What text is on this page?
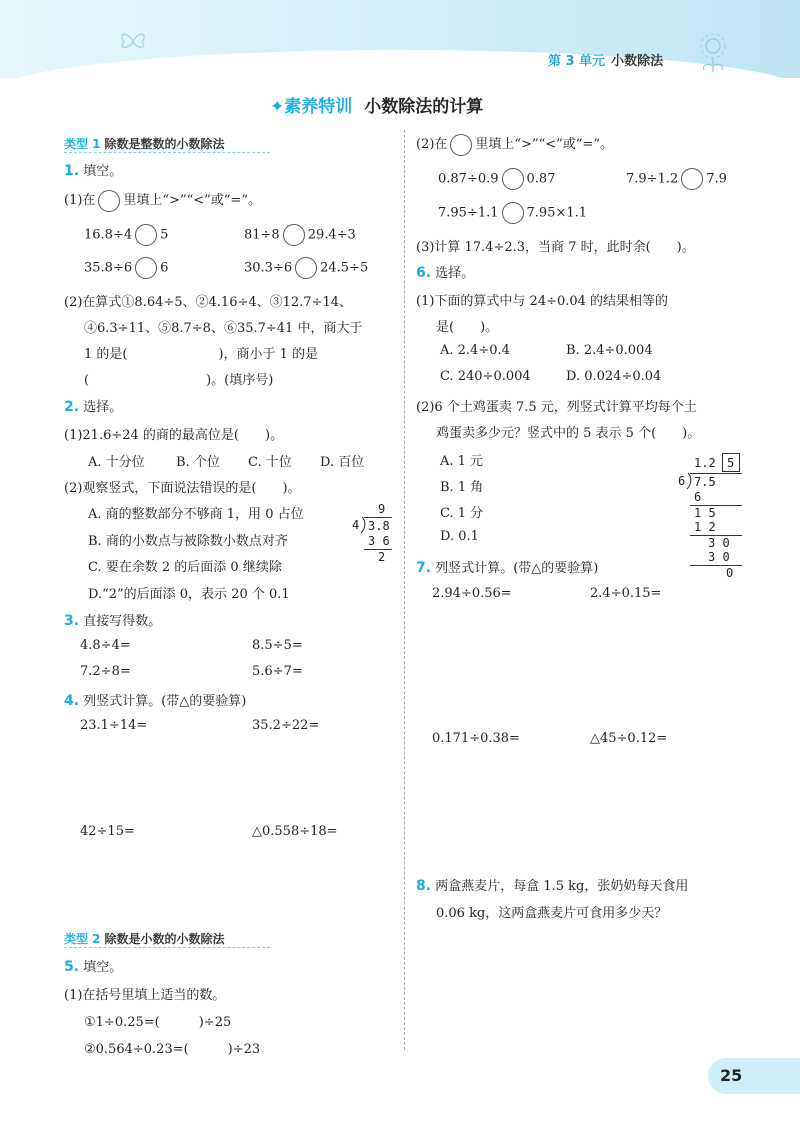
第 3 单元 小数除法
✦素养特训 小数除法的计算
类型 1 除数是整数的小数除法
1. 填空。
(1)在 里填上“>”“<”或“=”。
16.8÷4 5	81÷8 29.4÷3
35.8÷6 6	30.3÷6 24.5÷5
(2)在算式①8.64÷5、②4.16÷4、③12.7÷14、
④6.3÷11、⑤8.7÷8、⑥35.7÷41 中，商大于
1 的是(　　　　　　　)，商小于 1 的是
(　　　　　　　　　)。(填序号)
2. 选择。
(1)21.6÷24 的商的最高位是(　　)。
A. 十分位 B. 个位 C. 十位 D. 百位
(2)观察竖式，下面说法错误的是(　　)。
A. 商的整数部分不够商 1，用 0 占位
B. 商的小数点与被除数小数点对齐
C. 要在余数 2 的后面添 0 继续除
D.“2”的后面添 0，表示 20 个 0.1
9
4 3.8
3 6
2
3. 直接写得数。
4.8÷4=	8.5÷5=
7.2÷8=	5.6÷7=
4. 列竖式计算。(带△的要验算)
23.1÷14=	35.2÷22=
42÷15=	△0.558÷18=
类型 2 除数是小数的小数除法
5. 填空。
(1)在括号里填上适当的数。
①1÷0.25=(　　　)÷25
②0.564÷0.23=(　　　)÷23
(2)在 里填上“>”“<”或“=”。
0.87÷0.9 0.87	7.9÷1.2 7.9
7.95÷1.1 7.95×1.1
(3)计算 17.4÷2.3，当商 7 时，此时余(　　)。
6. 选择。
(1)下面的算式中与 24÷0.04 的结果相等的
是(　　)。
A. 2.4÷0.4	B. 2.4÷0.004
C. 240÷0.004	D. 0.024÷0.04
(2)6 个土鸡蛋卖 7.5 元，列竖式计算平均每个土
鸡蛋卖多少元？竖式中的 5 表示 5 个(　　)。
A. 1 元
B. 1 角
C. 1 分
D. 0.1
1.2 5
6 7.5
6
1 5
1 2
3 0
3 0
0
7. 列竖式计算。(带△的要验算)
2.94÷0.56=	2.4÷0.15=
0.171÷0.38=	△45÷0.12=
8. 两盒燕麦片，每盒 1.5 kg，张奶奶每天食用
0.06 kg，这两盒燕麦片可食用多少天？
25
